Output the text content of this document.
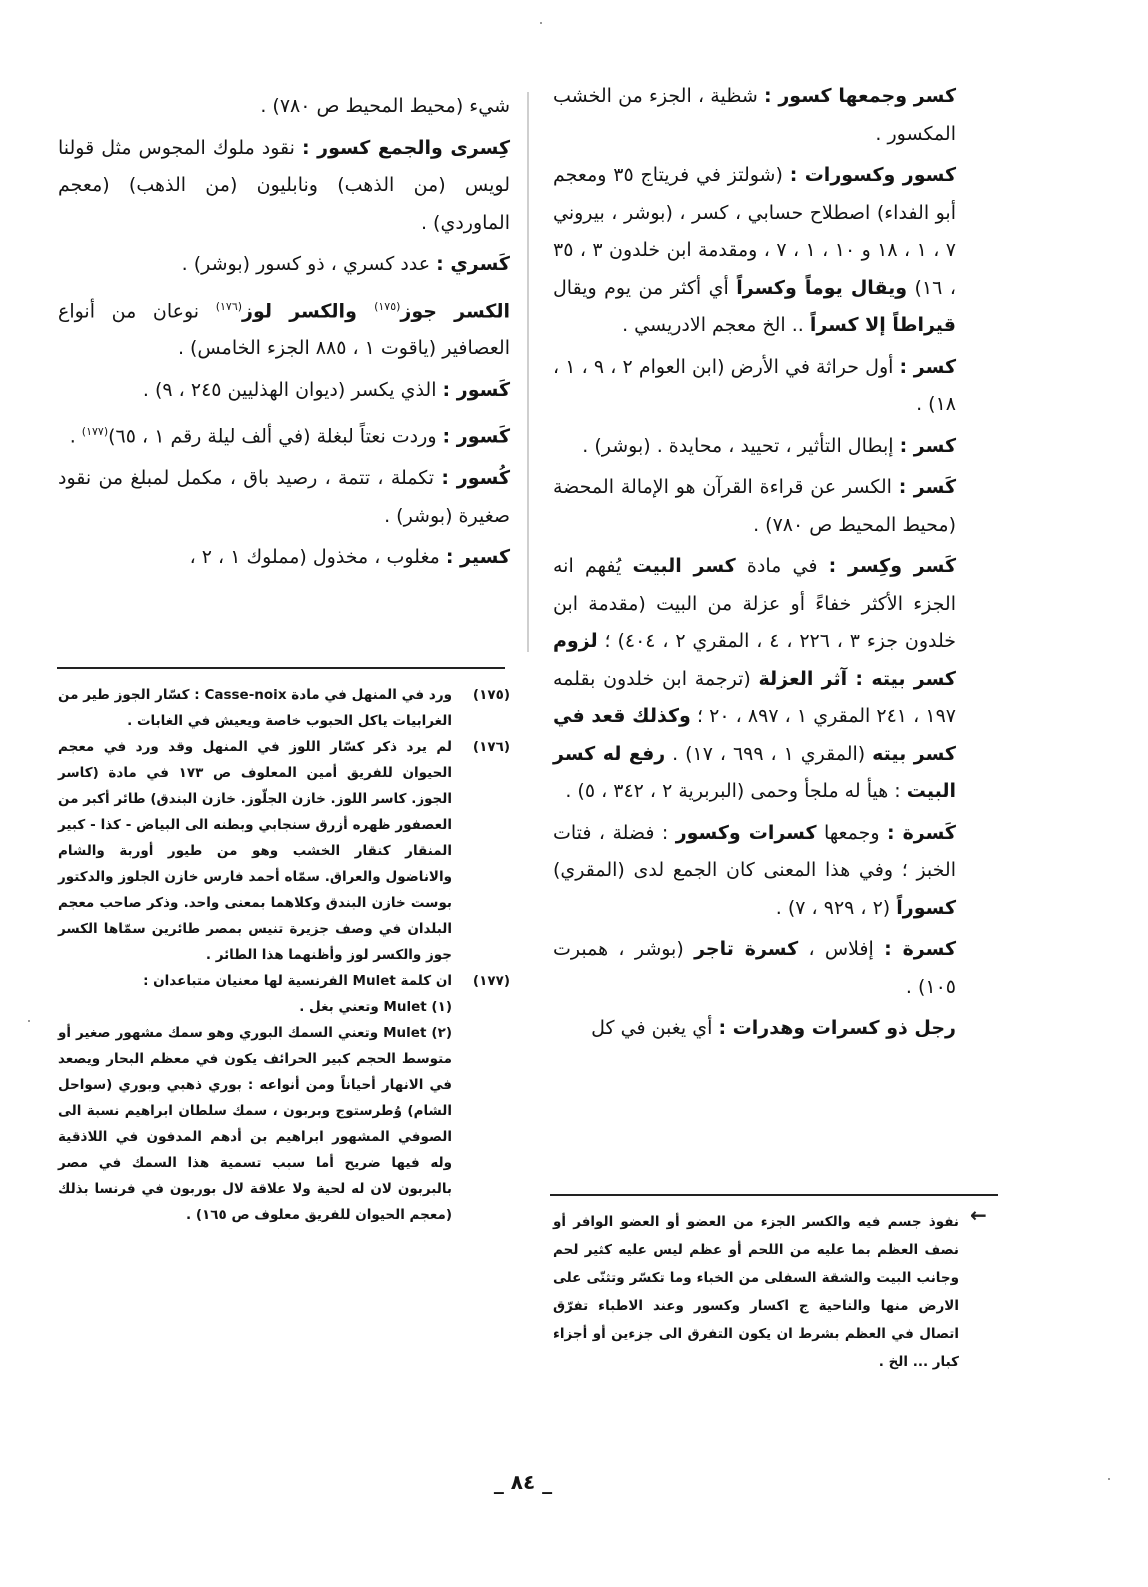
كسر وجمعها كسور : شظية ، الجزء من الخشب المكسور .

كسور وكسورات : (شولتز في فريتاج ٣٥ ومعجم أبو الفداء) اصطلاح حسابي ، كسر ، (بوشر ، بيروني ٧ ، ١ ، ١٨ و ١٠ ، ١ ، ٧ ، ومقدمة ابن خلدون ٣ ، ٣٥ ، ١٦) ويقال يوماً وكسراً أي أكثر من يوم ويقال قيراطاً إلا كسراً .. الخ معجم الادريسي .

كسر : أول حراثة في الأرض (ابن العوام ٢ ، ٩ ، ١ ، ١٨) .

كسر : إبطال التأثير ، تحييد ، محايدة . (بوشر) .

كَسر : الكسر عن قراءة القرآن هو الإمالة المحضة (محيط المحيط ص ٧٨٠) .

كَسر وكِسر : في مادة كسر البيت يُفهم انه الجزء الأكثر خفاءً أو عزلة من البيت (مقدمة ابن خلدون جزء ٣ ، ٢٢٦ ، ٤ ، المقري ٢ ، ٤٠٤) ؛ لزوم كسر بيته : آثر العزلة (ترجمة ابن خلدون بقلمه ١٩٧ ، ٢٤١ المقري ١ ، ٨٩٧ ، ٢٠ ؛ وكذلك قعد في كسر بيته (المقري ١ ، ٦٩٩ ، ١٧) . رفع له كسر البيت : هيأ له ملجأ وحمى (البربرية ٢ ، ٣٤٢ ، ٥) .

كَسرة : وجمعها كسرات وكسور : فضلة ، فتات الخبز ؛ وفي هذا المعنى كان الجمع لدى (المقري) كسوراً (٢ ، ٩٢٩ ، ٧) .

كسرة : إفلاس ، كسرة تاجر (بوشر ، همبرت ١٠٥) .

رجل ذو كسرات وهدرات : أي يغبن في كل

شيء (محيط المحيط ص ٧٨٠) .

كِسرى والجمع كسور : نقود ملوك المجوس مثل قولنا لويس (من الذهب) ونابليون (من الذهب) (معجم الماوردي) .

كَسري : عدد كسري ، ذو كسور (بوشر) .

الكسر جوز$^{(١٧٥)}$ والكسر لوز$^{(١٧٦)}$ نوعان من أنواع العصافير (ياقوت ١ ، ٨٨٥ الجزء الخامس) .

كَسور : الذي يكسر (ديوان الهذليين ٢٤٥ ، ٩) .

كَسور : وردت نعتاً لبغلة (في ألف ليلة رقم ١ ، ٦٥)$^{(١٧٧)}$ .

كُسور : تكملة ، تتمة ، رصيد باق ، مكمل لمبلغ من نقود صغيرة (بوشر) .

كسير : مغلوب ، مخذول (مملوك ١ ، ٢ ،

(١٧٥)
ورد في المنهل في مادة Casse-noix : كسّار الجوز طير من الغرابيات ياكل الحبوب خاصة ويعيش في الغابات .
(١٧٦)
لم يرد ذكر كسّار اللوز في المنهل وقد ورد في معجم الحيوان للفريق أمين المعلوف ص ١٧٣ في مادة (كاسر الجوز. كاسر اللوز. خازن الجلّوز. خازن البندق) طائر أكبر من العصفور ظهره أزرق سنجابي وبطنه الى البياض - كذا - كبير المنقار كنقار الخشب وهو من طيور أوربة والشام والاناضول والعراق. سمّاه أحمد فارس خازن الجلوز والدكتور بوست خازن البندق وكلاهما بمعنى واحد. وذكر صاحب معجم البلدان في وصف جزيرة تنيس بمصر طائرين سمّاها الكسر جوز والكسر لوز وأظنهما هذا الطائر .
(١٧٧)
ان كلمة Mulet الفرنسية لها معنيان متباعدان :
(١) Mulet وتعني بغل .
(٢) Mulet وتعني السمك البوري وهو سمك مشهور صغير أو متوسط الحجم كبير الحرائف يكون في معظم البحار ويصعد في الانهار أحياناً ومن أنواعه : بوري ذهبي وبوري (سواحل الشام) وُطرستوج وبربون ، سمك سلطان ابراهيم نسبة الى الصوفي المشهور ابراهيم بن أدهم المدفون في اللاذقية وله فيها ضريح أما سبب تسمية هذا السمك في مصر بالبربون لان له لحية ولا علاقة لال بوربون في فرنسا بذلك (معجم الحيوان للفريق معلوف ص ١٦٥) .	←
نفوذ جسم فيه والكسر الجزء من العضو أو العضو الوافر أو نصف العظم بما عليه من اللحم أو عظم ليس عليه كثير لحم وجانب البيت والشقة السفلى من الخباء وما تكسّر وتثنّى على الارض منها والناحية ج اكسار وكسور وعند الاطباء تفرّق اتصال في العظم بشرط ان يكون التفرق الى جزءين أو أجزاء كبار ... الخ .
_ ٨٤ _
